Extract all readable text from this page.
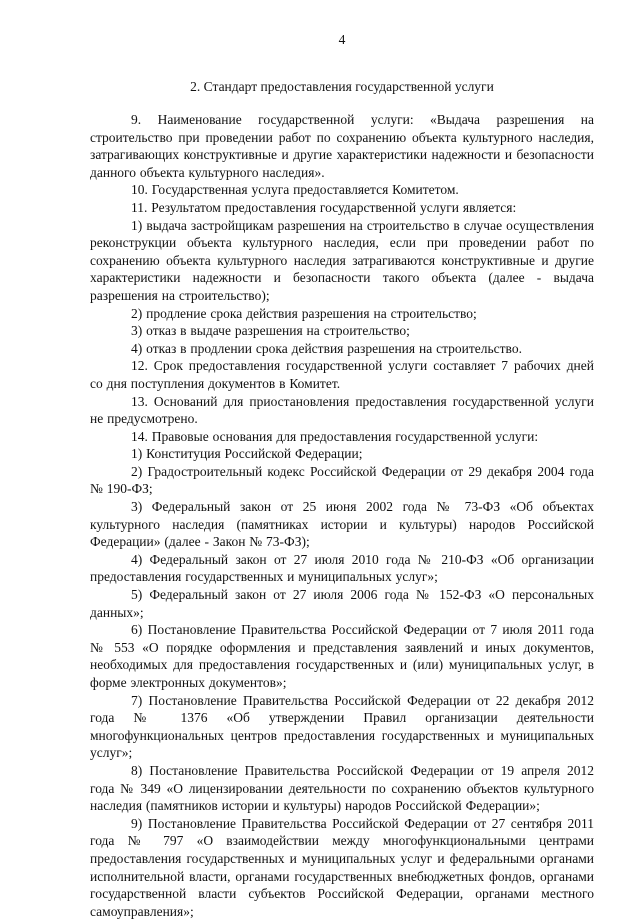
4
2. Стандарт предоставления государственной услуги

9. Наименование государственной услуги: «Выдача разрешения на строительство при проведении работ по сохранению объекта культурного наследия, затрагивающих конструктивные и другие характеристики надежности и безопасности данного объекта культурного наследия».

10. Государственная услуга предоставляется Комитетом.

11. Результатом предоставления государственной услуги является:

1) выдача застройщикам разрешения на строительство в случае осуществления реконструкции объекта культурного наследия, если при проведении работ по сохранению объекта культурного наследия затрагиваются конструктивные и другие характеристики надежности и безопасности такого объекта (далее - выдача разрешения на строительство);

2) продление срока действия разрешения на строительство;

3) отказ в выдаче разрешения на строительство;

4) отказ в продлении срока действия разрешения на строительство.

12. Срок предоставления государственной услуги составляет 7 рабочих дней со дня поступления документов в Комитет.

13. Оснований для приостановления предоставления государственной услуги не предусмотрено.

14. Правовые основания для предоставления государственной услуги:

1) Конституция Российской Федерации;

2) Градостроительный кодекс Российской Федерации от 29 декабря 2004 года № 190-ФЗ;

3) Федеральный закон от 25 июня 2002 года № 73-ФЗ «Об объектах культурного наследия (памятниках истории и культуры) народов Российской Федерации» (далее - Закон № 73-ФЗ);

4) Федеральный закон от 27 июля 2010 года № 210-ФЗ «Об организации предоставления государственных и муниципальных услуг»;

5) Федеральный закон от 27 июля 2006 года № 152-ФЗ «О персональных данных»;

6) Постановление Правительства Российской Федерации от 7 июля 2011 года № 553 «О порядке оформления и представления заявлений и иных документов, необходимых для предоставления государственных и (или) муниципальных услуг, в форме электронных документов»;

7) Постановление Правительства Российской Федерации от 22 декабря 2012 года № 1376 «Об утверждении Правил организации деятельности многофункциональных центров предоставления государственных и муниципальных услуг»;

8) Постановление Правительства Российской Федерации от 19 апреля 2012 года № 349 «О лицензировании деятельности по сохранению объектов культурного наследия (памятников истории и культуры) народов Российской Федерации»;

9) Постановление Правительства Российской Федерации от 27 сентября 2011 года № 797 «О взаимодействии между многофункциональными центрами предоставления государственных и муниципальных услуг и федеральными органами исполнительной власти, органами государственных внебюджетных фондов, органами государственной власти субъектов Российской Федерации, органами местного самоуправления»;
